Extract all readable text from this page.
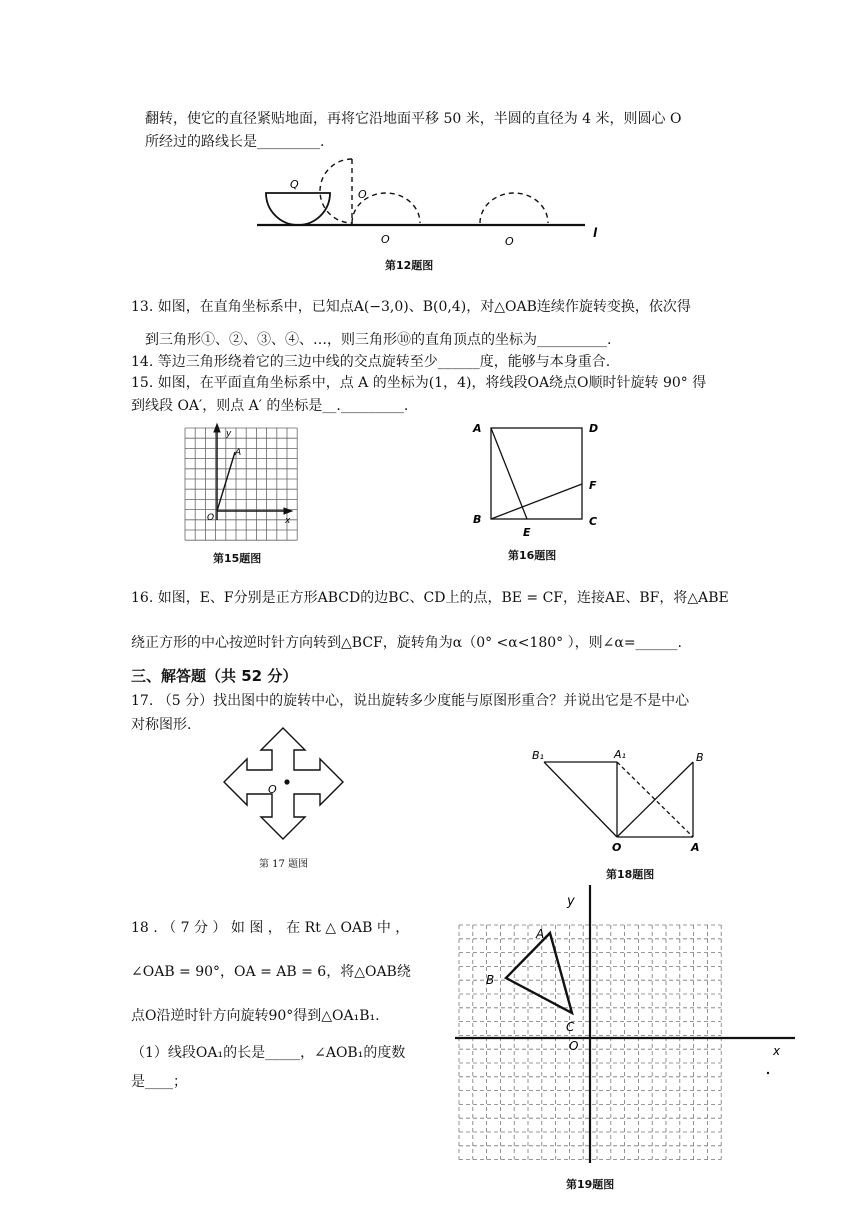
翻转，使它的直径紧贴地面，再将它沿地面平移 50 米，半圆的直径为 4 米，则圆心 O
所经过的路线长是_________.
Q
O
O	O
l
第12题图
13. 如图，在直角坐标系中，已知点A(−3,0)、B(0,4)，对△OAB连续作旋转变换，依次得
到三角形①、②、③、④、…，则三角形⑩的直角顶点的坐标为__________.
14. 等边三角形绕着它的三边中线的交点旋转至少______度，能够与本身重合.
15. 如图，在平面直角坐标系中，点 A 的坐标为(1，4)，将线段OA绕点O顺时针旋转 90° 得
到线段 OA′，则点 A′ 的坐标是__._________.
y
A
O	x
第15题图
A	D
F
B	C
E
第16题图
16. 如图，E、F分别是正方形ABCD的边BC、CD上的点，BE = CF，连接AE、BF，将△ABE
绕正方形的中心按逆时针方向转到△BCF，旋转角为α（0° <α<180° ），则∠α=______.
三、解答题（共 52 分）
17. （5 分）找出图中的旋转中心，说出旋转多少度能与原图形重合？并说出它是不是中心
对称图形.
O
第 17 题图
B₁	A₁	B
O	A
第18题图
18 . （ 7 分 ） 如 图 ， 在 Rt △ OAB 中 ，
∠OAB = 90°，OA = AB = 6，将△OAB绕
点O沿逆时针方向旋转90°得到△OA₁B₁.
（1）线段OA₁的长是_____，∠AOB₁的度数
是____；
y
x
A
B
C
O
第19题图
